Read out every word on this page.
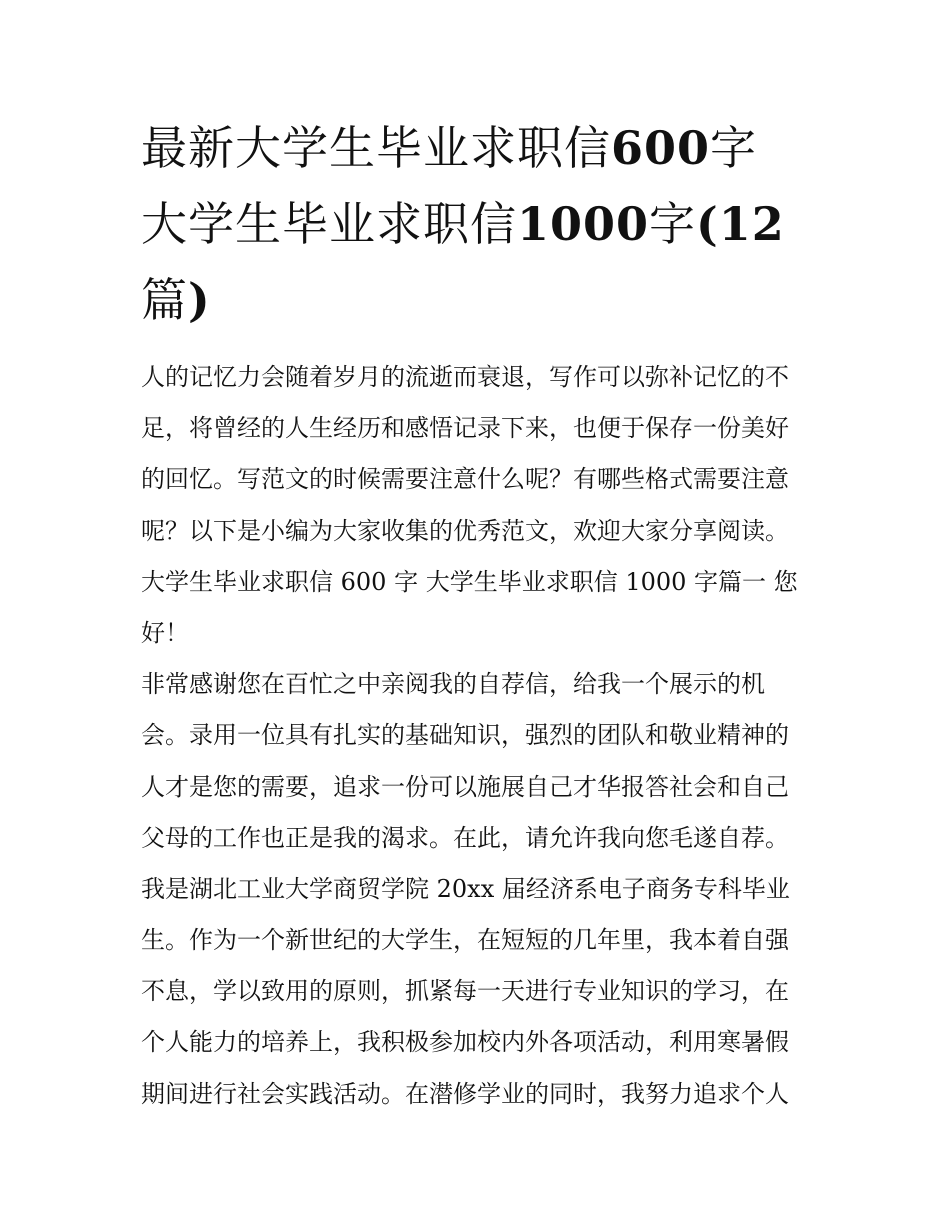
最新大学生毕业求职信600字
大学生毕业求职信1000字(12
篇)
人的记忆力会随着岁月的流逝而衰退，写作可以弥补记忆的不
足，将曾经的人生经历和感悟记录下来，也便于保存一份美好
的回忆。写范文的时候需要注意什么呢？有哪些格式需要注意
呢？以下是小编为大家收集的优秀范文，欢迎大家分享阅读。
大学生毕业求职信 600 字 大学生毕业求职信 1000 字篇一 您
好！
非常感谢您在百忙之中亲阅我的自荐信，给我一个展示的机
会。录用一位具有扎实的基础知识，强烈的团队和敬业精神的
人才是您的需要，追求一份可以施展自己才华报答社会和自己
父母的工作也正是我的渴求。在此，请允许我向您毛遂自荐。
我是湖北工业大学商贸学院 20xx 届经济系电子商务专科毕业
生。作为一个新世纪的大学生，在短短的几年里，我本着自强
不息，学以致用的原则，抓紧每一天进行专业知识的学习，在
个人能力的培养上，我积极参加校内外各项活动，利用寒暑假
期间进行社会实践活动。在潜修学业的同时，我努力追求个人
